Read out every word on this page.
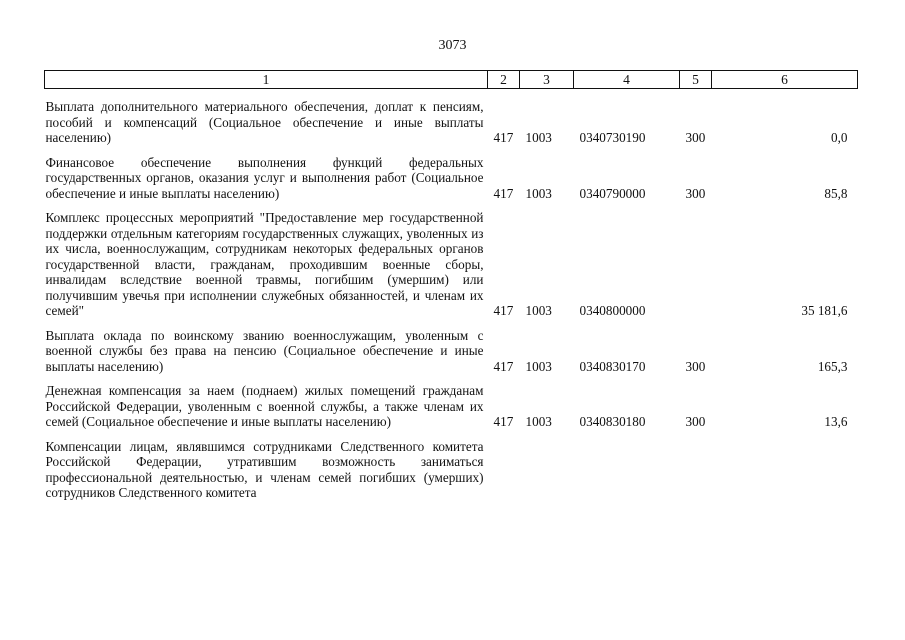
3073
1	2	3	4	5	6
Выплата дополнительного материального обеспечения, доплат к пенсиям, пособий и компенсаций (Социальное обеспечение и иные выплаты населению)	417	1003	0340730190	300	0,0
Финансовое обеспечение выполнения функций федеральных государственных органов, оказания услуг и выполнения работ (Социальное обеспечение и иные выплаты населению)	417	1003	0340790000	300	85,8
Комплекс процессных мероприятий "Предоставление мер государственной поддержки отдельным категориям государственных служащих, уволенных из их числа, военнослужащим, сотрудникам некоторых федеральных органов государственной власти, гражданам, проходившим военные сборы, инвалидам вследствие военной травмы, погибшим (умершим) или получившим увечья при исполнении служебных обязанностей, и членам их семей"	417	1003	0340800000		35 181,6
Выплата оклада по воинскому званию военнослужащим, уволенным с военной службы без права на пенсию (Социальное обеспечение и иные выплаты населению)	417	1003	0340830170	300	165,3
Денежная компенсация за наем (поднаем) жилых помещений гражданам Российской Федерации, уволенным с военной службы, а также членам их семей (Социальное обеспечение и иные выплаты населению)	417	1003	0340830180	300	13,6
Компенсации лицам, являвшимся сотрудниками Следственного комитета Российской Федерации, утратившим возможность заниматься профессиональной деятельностью, и членам семей погибших (умерших) сотрудников Следственного комитета					
